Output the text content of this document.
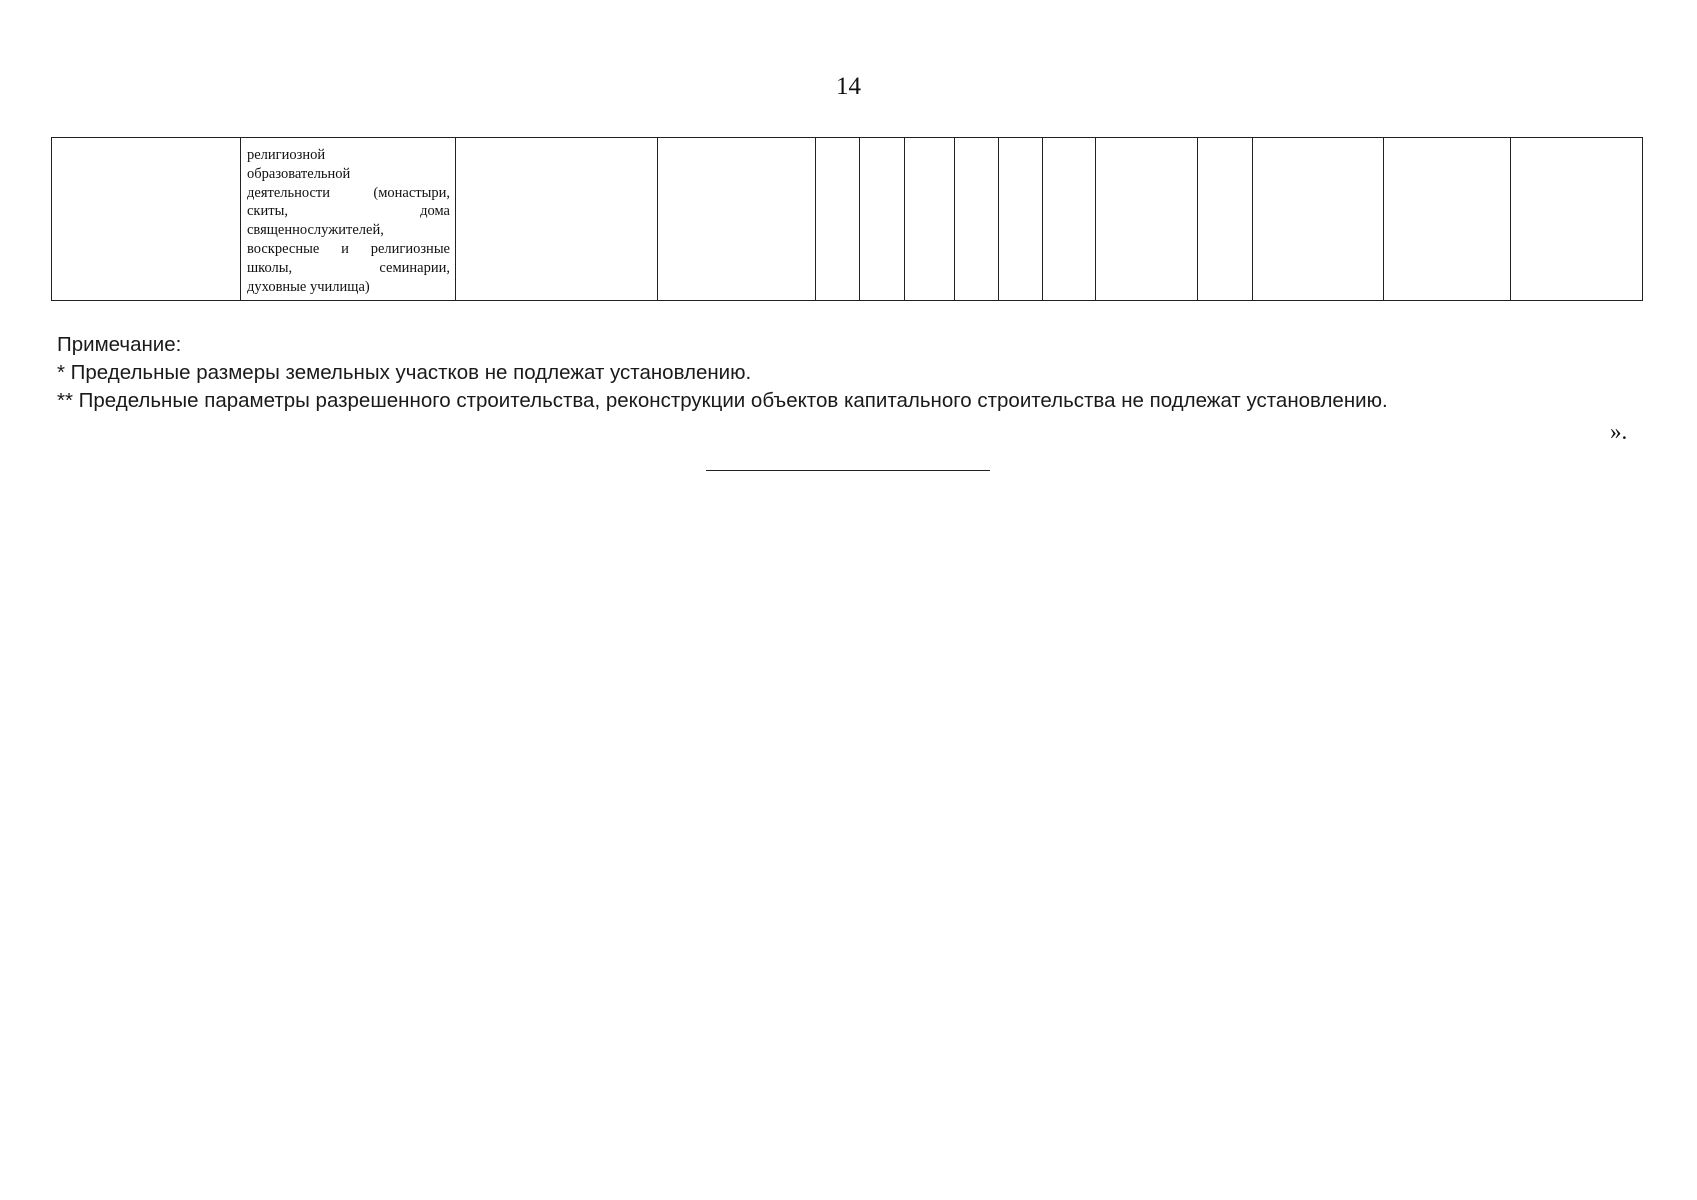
14

религиозной
образовательной
деятельности	(монастыри,
скиты,	дома
священнослужителей,
воскресные   и   религиозные
школы,	семинарии,
духовные училища)

Примечание:
* Предельные размеры земельных участков не подлежат установлению.
** Предельные параметры разрешенного строительства, реконструкции объектов капитального строительства не подлежат установлению.
».
